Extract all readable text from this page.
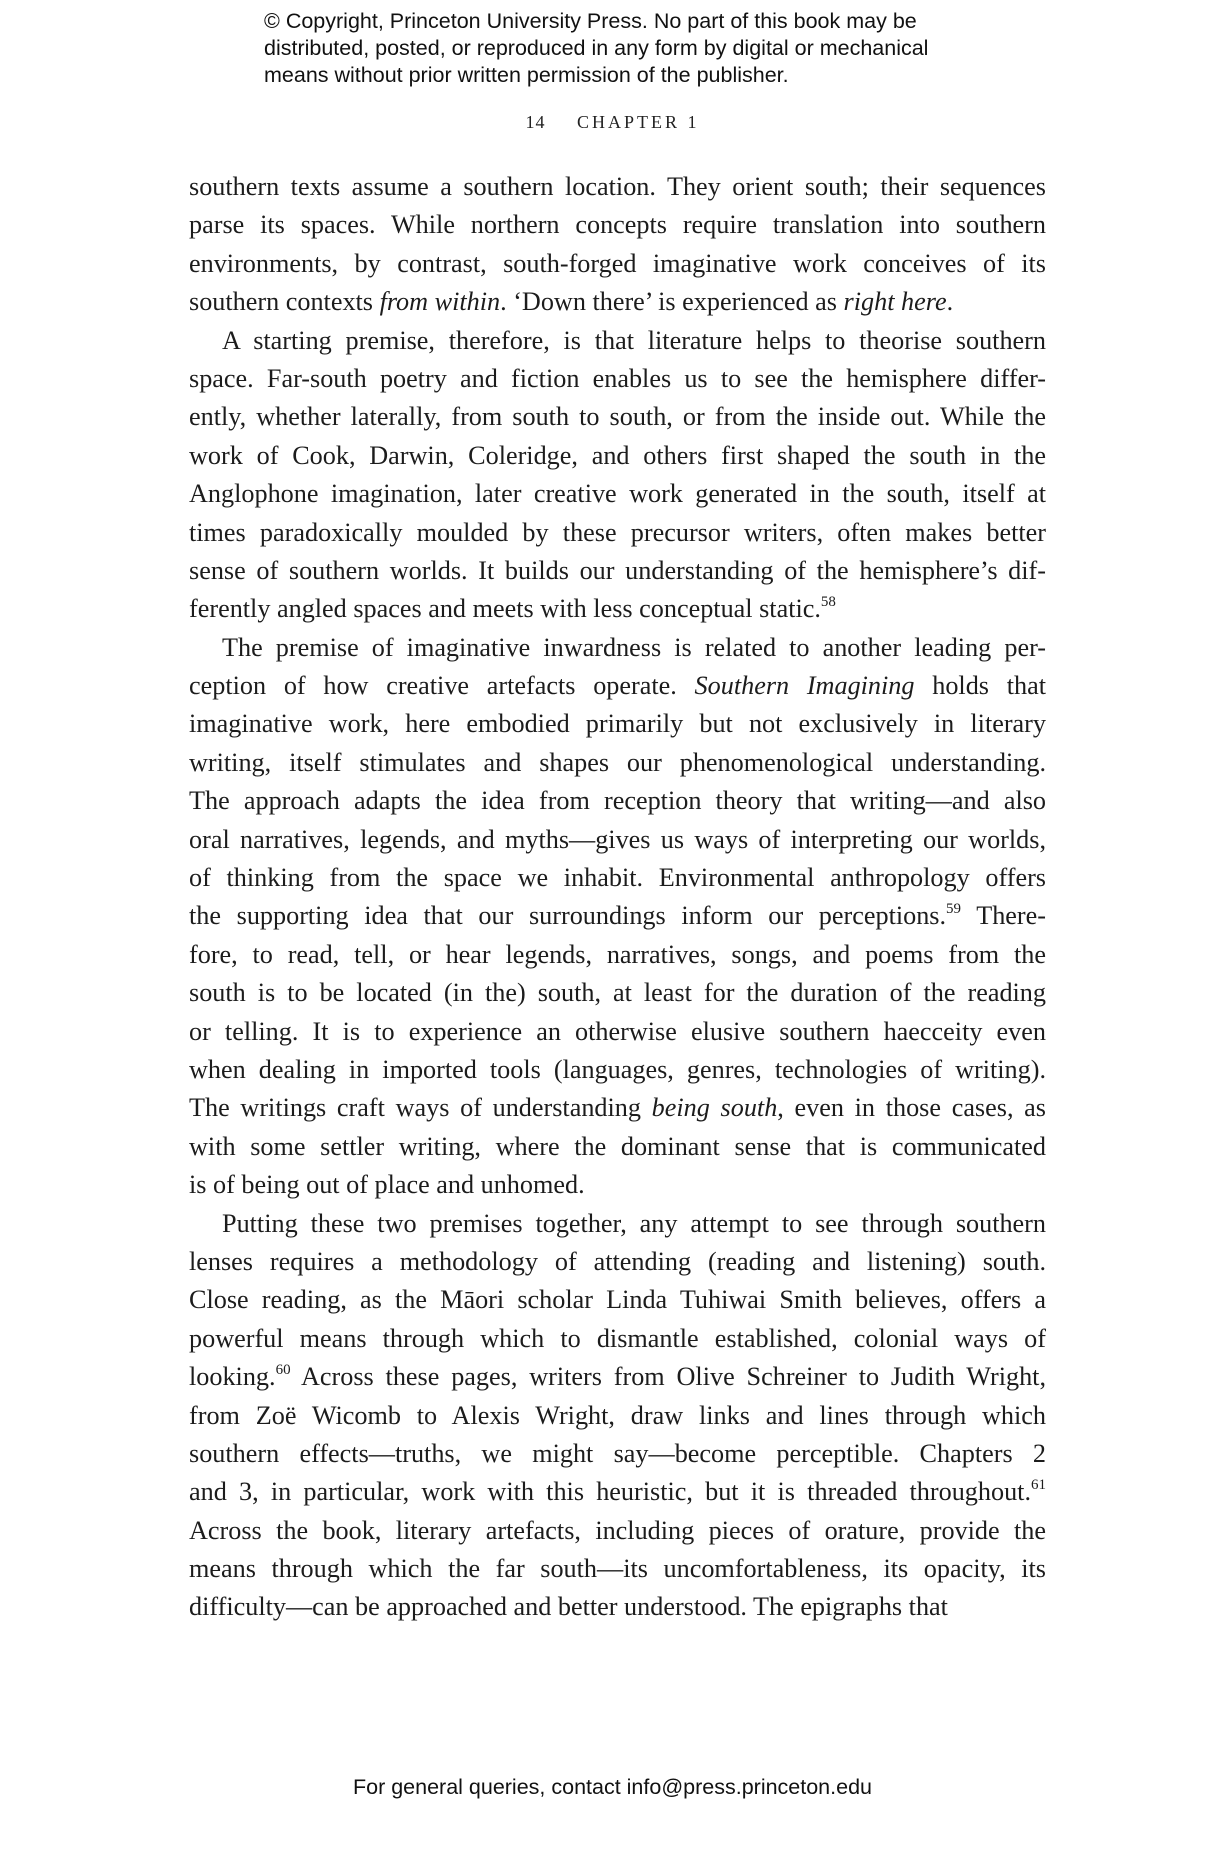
© Copyright, Princeton University Press. No part of this book may be
distributed, posted, or reproduced in any form by digital or mechanical
means without prior written permission of the publisher.
14 CHAPTER 1
southern texts assume a southern location. They orient south; their sequences
parse its spaces. While northern concepts require translation into southern
environments, by contrast, south-forged imaginative work conceives of its
southern contexts from within. ‘Down there’ is experienced as right here.
A starting premise, therefore, is that literature helps to theorise southern
space. Far-south poetry and fiction enables us to see the hemisphere differ-
ently, whether laterally, from south to south, or from the inside out. While the
work of Cook, Darwin, Coleridge, and others first shaped the south in the
Anglophone imagination, later creative work generated in the south, itself at
times paradoxically moulded by these precursor writers, often makes better
sense of southern worlds. It builds our understanding of the hemisphere’s dif-
ferently angled spaces and meets with less conceptual static.$^{58}$
The premise of imaginative inwardness is related to another leading per-
ception of how creative artefacts operate. Southern Imagining holds that
imaginative work, here embodied primarily but not exclusively in literary
writing, itself stimulates and shapes our phenomenological understanding.
The approach adapts the idea from reception theory that writing—and also
oral narratives, legends, and myths—gives us ways of interpreting our worlds,
of thinking from the space we inhabit. Environmental anthropology offers
the supporting idea that our surroundings inform our perceptions.$^{59}$ There-
fore, to read, tell, or hear legends, narratives, songs, and poems from the
south is to be located (in the) south, at least for the duration of the reading
or telling. It is to experience an otherwise elusive southern haecceity even
when dealing in imported tools (languages, genres, technologies of writing).
The writings craft ways of understanding being south, even in those cases, as
with some settler writing, where the dominant sense that is communicated
is of being out of place and unhomed.
Putting these two premises together, any attempt to see through southern
lenses requires a methodology of attending (reading and listening) south.
Close reading, as the Māori scholar Linda Tuhiwai Smith believes, offers a
powerful means through which to dismantle established, colonial ways of
looking.$^{60}$ Across these pages, writers from Olive Schreiner to Judith Wright,
from Zoë Wicomb to Alexis Wright, draw links and lines through which
southern effects—truths, we might say—become perceptible. Chapters 2
and 3, in particular, work with this heuristic, but it is threaded throughout.$^{61}$
Across the book, literary artefacts, including pieces of orature, provide the
means through which the far south—its uncomfortableness, its opacity, its
difficulty—can be approached and better understood. The epigraphs that
For general queries, contact info@press.princeton.edu
